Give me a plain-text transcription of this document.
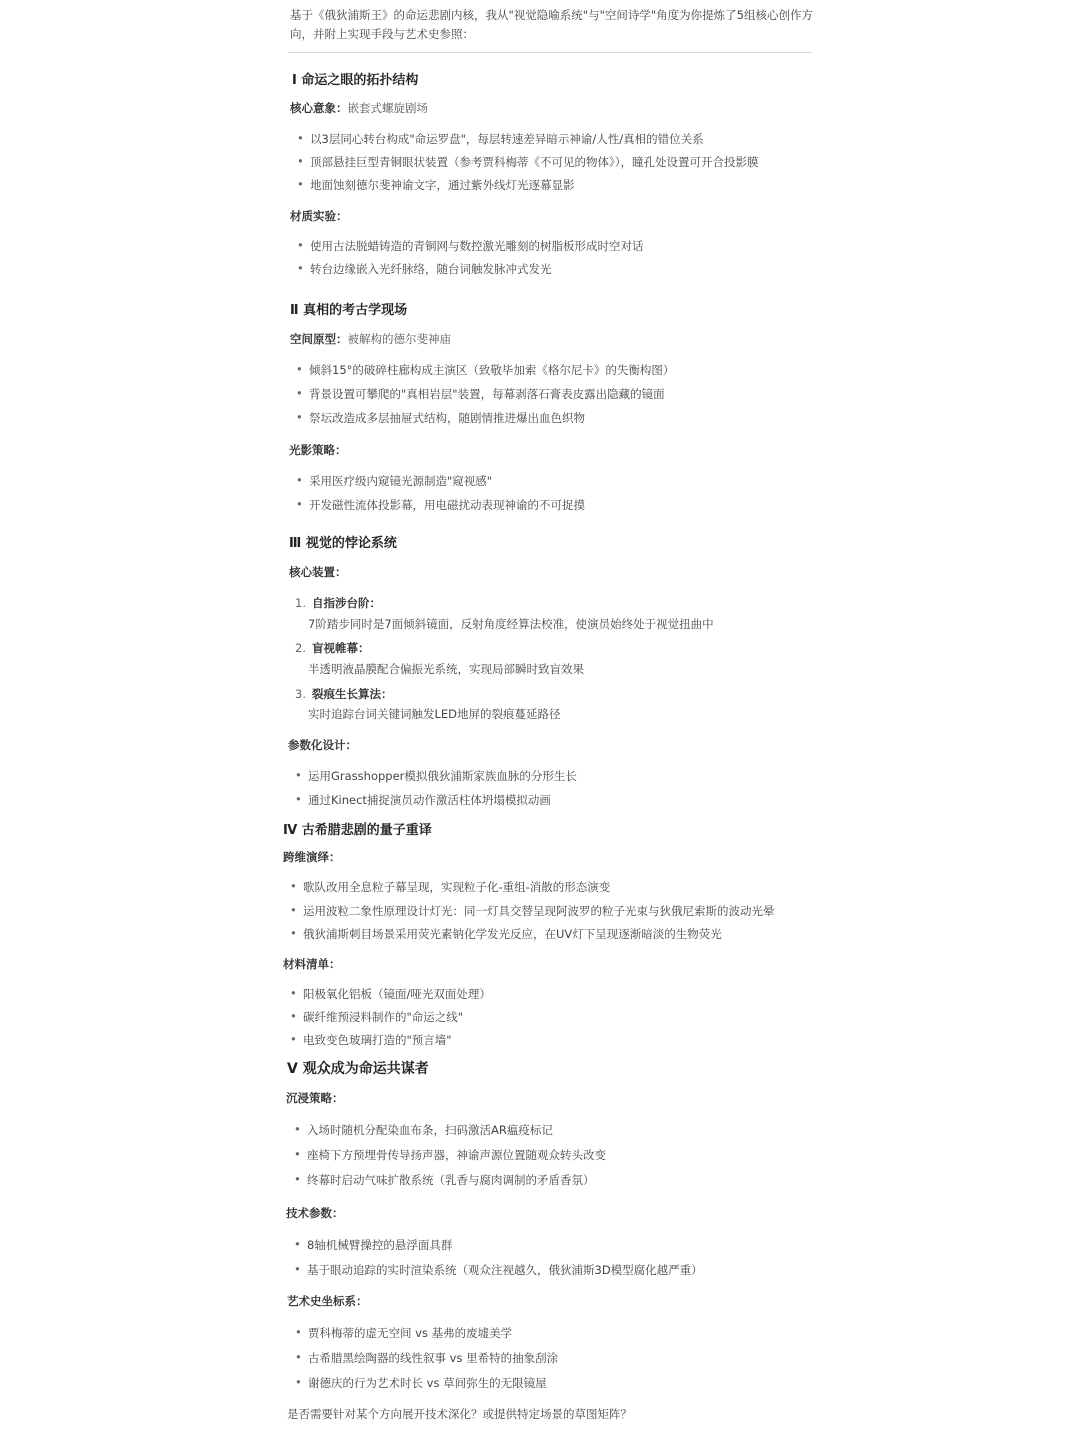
基于《俄狄浦斯王》的命运悲剧内核，我从"视觉隐喻系统"与"空间诗学"角度为你提炼了5组核心创作方
向，并附上实现手段与艺术史参照：
Ⅰ 命运之眼的拓扑结构
核心意象：嵌套式螺旋剧场
• 以3层同心转台构成"命运罗盘"，每层转速差异暗示神谕/人性/真相的错位关系
• 顶部悬挂巨型青铜眼状装置（参考贾科梅蒂《不可见的物体》），瞳孔处设置可开合投影膜
• 地面蚀刻德尔斐神谕文字，通过紫外线灯光逐幕显影
材质实验：
• 使用古法脱蜡铸造的青铜网与数控激光雕刻的树脂板形成时空对话
• 转台边缘嵌入光纤脉络，随台词触发脉冲式发光
Ⅱ 真相的考古学现场
空间原型：被解构的德尔斐神庙
• 倾斜15°的破碎柱廊构成主演区（致敬毕加索《格尔尼卡》的失衡构图）
• 背景设置可攀爬的"真相岩层"装置，每幕剥落石膏表皮露出隐藏的镜面
• 祭坛改造成多层抽屉式结构，随剧情推进爆出血色织物
光影策略：
• 采用医疗级内窥镜光源制造"窥视感"
• 开发磁性流体投影幕，用电磁扰动表现神谕的不可捉摸
Ⅲ 视觉的悖论系统
核心装置：
1. 自指涉台阶：
7阶踏步同时是7面倾斜镜面，反射角度经算法校准，使演员始终处于视觉扭曲中
2. 盲视帷幕：
半透明液晶膜配合偏振光系统，实现局部瞬时致盲效果
3. 裂痕生长算法：
实时追踪台词关键词触发LED地屏的裂痕蔓延路径
参数化设计：
• 运用Grasshopper模拟俄狄浦斯家族血脉的分形生长
• 通过Kinect捕捉演员动作激活柱体坍塌模拟动画
Ⅳ 古希腊悲剧的量子重译
跨维演绎：
• 歌队改用全息粒子幕呈现，实现粒子化-重组-消散的形态演变
• 运用波粒二象性原理设计灯光：同一灯具交替呈现阿波罗的粒子光束与狄俄尼索斯的波动光晕
• 俄狄浦斯刺目场景采用荧光素钠化学发光反应，在UV灯下呈现逐渐暗淡的生物荧光
材料清单：
• 阳极氧化铝板（镜面/哑光双面处理）
• 碳纤维预浸料制作的"命运之线"
• 电致变色玻璃打造的"预言墙"
Ⅴ 观众成为命运共谋者
沉浸策略：
• 入场时随机分配染血布条，扫码激活AR瘟疫标记
• 座椅下方预埋骨传导扬声器，神谕声源位置随观众转头改变
• 终幕时启动气味扩散系统（乳香与腐肉调制的矛盾香氛）
技术参数：
• 8轴机械臂操控的悬浮面具群
• 基于眼动追踪的实时渲染系统（观众注视越久，俄狄浦斯3D模型腐化越严重）
艺术史坐标系：
• 贾科梅蒂的虚无空间 vs 基弗的废墟美学
• 古希腊黑绘陶器的线性叙事 vs 里希特的抽象刮涂
• 谢德庆的行为艺术时长 vs 草间弥生的无限镜屋
是否需要针对某个方向展开技术深化？或提供特定场景的草图矩阵？
